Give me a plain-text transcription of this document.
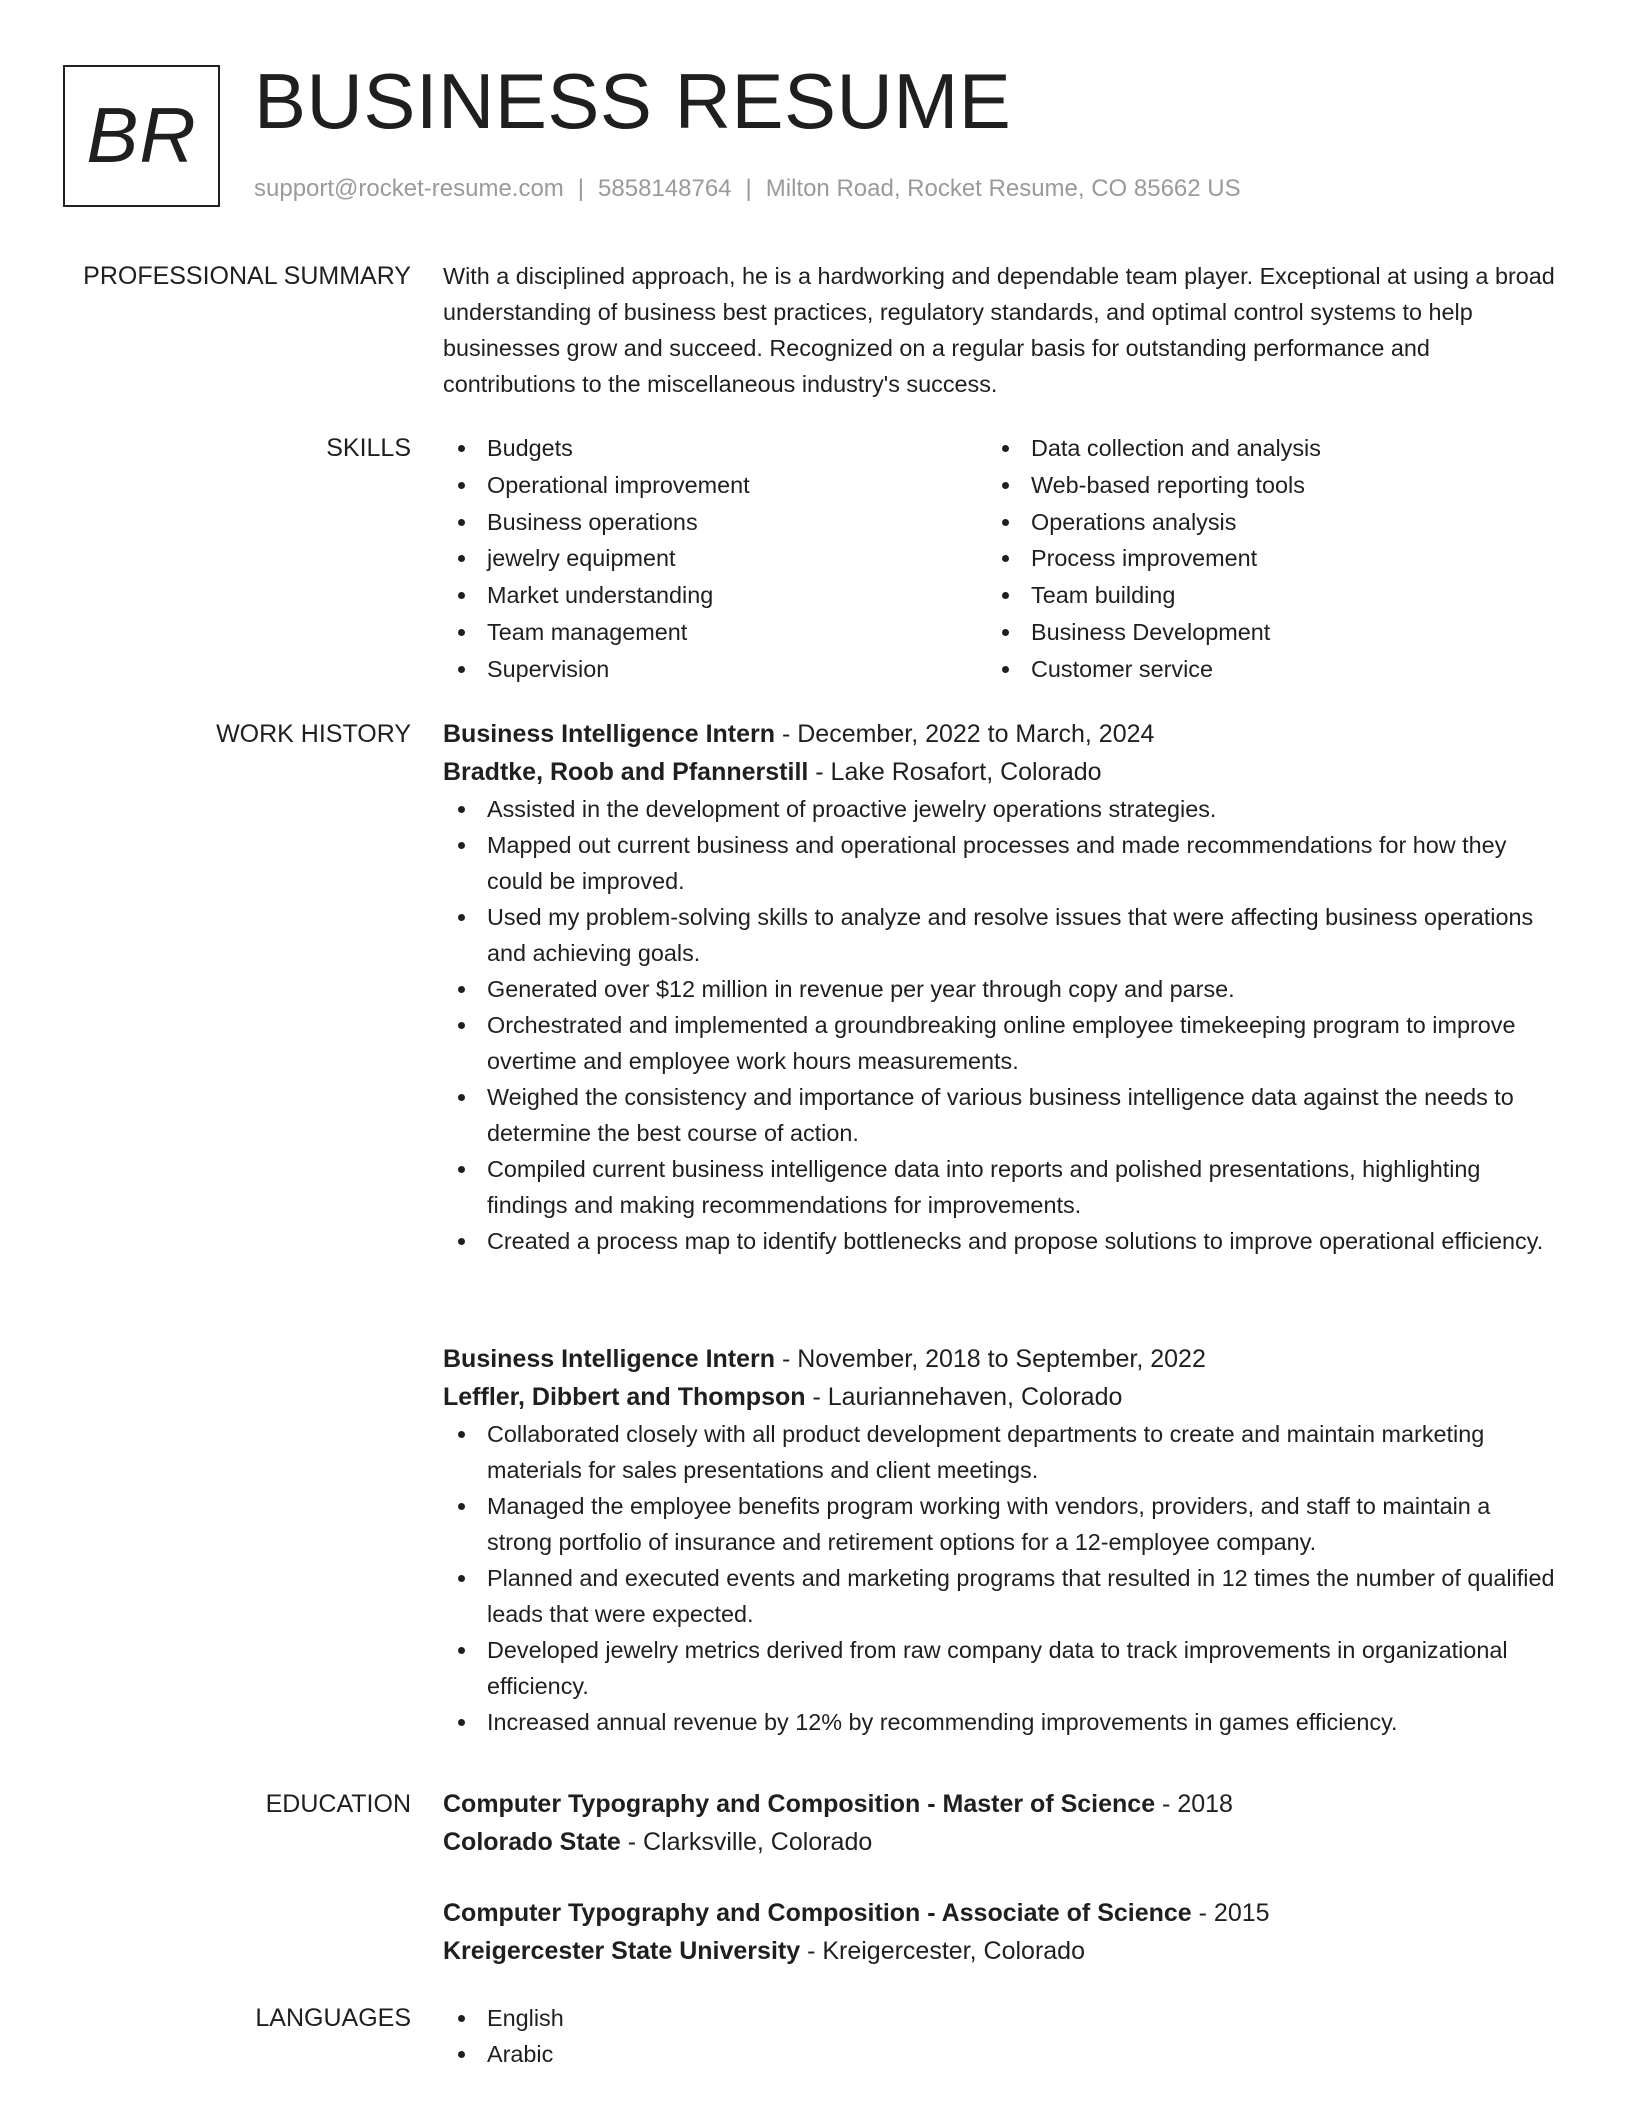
BR BUSINESS RESUME
support@rocket-resume.com | 5858148764 | Milton Road, Rocket Resume, CO 85662 US
PROFESSIONAL SUMMARY With a disciplined approach, he is a hardworking and dependable team player. Exceptional at using a broad understanding of business best practices, regulatory standards, and optimal control systems to help businesses grow and succeed. Recognized on a regular basis for outstanding performance and contributions to the miscellaneous industry's success.

SKILLS	Budgets
Operational improvement
Business operations
jewelry equipment
Market understanding
Team management
Supervision
Data collection and analysis
Web-based reporting tools
Operations analysis
Process improvement
Team building
Business Development
Customer service
WORK HISTORY Business Intelligence Intern - December, 2022 to March, 2024
Bradtke, Roob and Pfannerstill - Lake Rosafort, Colorado
Assisted in the development of proactive jewelry operations strategies.
Mapped out current business and operational processes and made recommendations for how they could be improved.
Used my problem-solving skills to analyze and resolve issues that were affecting business operations and achieving goals.
Generated over $12 million in revenue per year through copy and parse.
Orchestrated and implemented a groundbreaking online employee timekeeping program to improve overtime and employee work hours measurements.
Weighed the consistency and importance of various business intelligence data against the needs to determine the best course of action.
Compiled current business intelligence data into reports and polished presentations, highlighting findings and making recommendations for improvements.
Created a process map to identify bottlenecks and propose solutions to improve operational efficiency.
Business Intelligence Intern - November, 2018 to September, 2022
Leffler, Dibbert and Thompson - Lauriannehaven, Colorado
Collaborated closely with all product development departments to create and maintain marketing materials for sales presentations and client meetings.
Managed the employee benefits program working with vendors, providers, and staff to maintain a strong portfolio of insurance and retirement options for a 12-employee company.
Planned and executed events and marketing programs that resulted in 12 times the number of qualified leads that were expected.
Developed jewelry metrics derived from raw company data to track improvements in organizational efficiency.
Increased annual revenue by 12% by recommending improvements in games efficiency.
EDUCATION Computer Typography and Composition - Master of Science - 2018
Colorado State - Clarksville, Colorado
Computer Typography and Composition - Associate of Science - 2015
Kreigercester State University - Kreigercester, Colorado
LANGUAGES	English
Arabic
